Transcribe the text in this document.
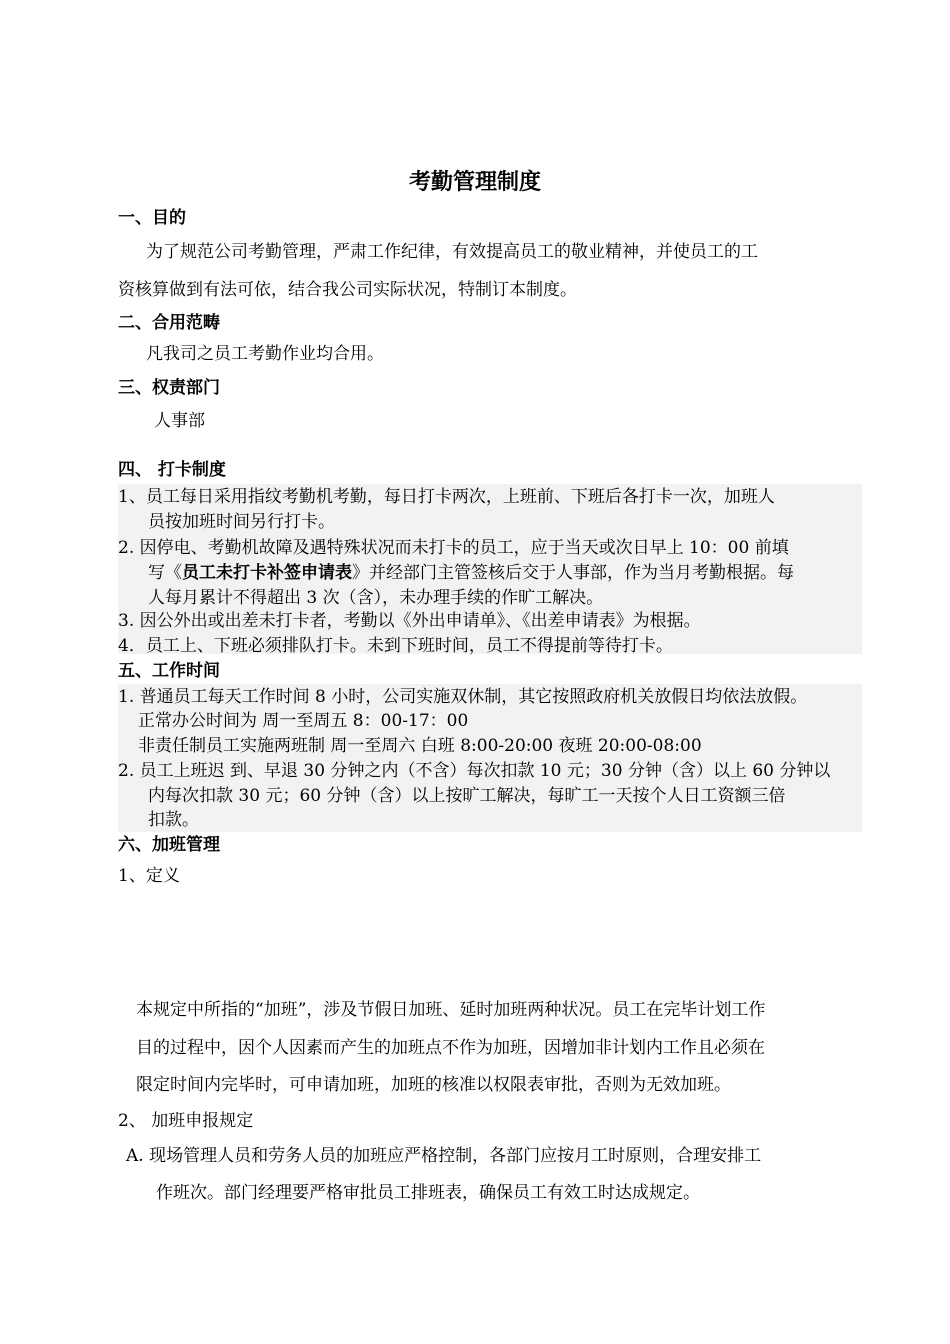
考勤管理制度
一、目的
为了规范公司考勤管理，严肃工作纪律，有效提高员工的敬业精神，并使员工的工
资核算做到有法可依，结合我公司实际状况，特制订本制度。
二、合用范畴
凡我司之员工考勤作业均合用。
三、权责部门
人事部
四、 打卡制度
1、员工每日采用指纹考勤机考勤，每日打卡两次，上班前、下班后各打卡一次，加班人
员按加班时间另行打卡。
2. 因停电、考勤机故障及遇特殊状况而未打卡的员工，应于当天或次日早上 10：00 前填
写《员工未打卡补签申请表》并经部门主管签核后交于人事部，作为当月考勤根据。每
人每月累计不得超出 3 次（含），未办理手续的作旷工解决。
3. 因公外出或出差未打卡者，考勤以《外出申请单》、《出差申请表》为根据。
4．员工上、下班必须排队打卡。未到下班时间，员工不得提前等待打卡。
五、工作时间
1. 普通员工每天工作时间 8 小时，公司实施双休制，其它按照政府机关放假日均依法放假。
正常办公时间为 周一至周五 8：00-17：00
非责任制员工实施两班制 周一至周六 白班 8:00-20:00 夜班 20:00-08:00
2. 员工上班迟 到、早退 30 分钟之内（不含）每次扣款 10 元；30 分钟（含）以上 60 分钟以
内每次扣款 30 元；60 分钟（含）以上按旷工解决，每旷工一天按个人日工资额三倍
扣款。
六、加班管理
1、定义
本规定中所指的“加班”，涉及节假日加班、延时加班两种状况。员工在完毕计划工作
目的过程中，因个人因素而产生的加班点不作为加班，因增加非计划内工作且必须在
限定时间内完毕时，可申请加班，加班的核准以权限表审批，否则为无效加班。
2、 加班申报规定
A. 现场管理人员和劳务人员的加班应严格控制，各部门应按月工时原则，合理安排工
作班次。部门经理要严格审批员工排班表，确保员工有效工时达成规定。
